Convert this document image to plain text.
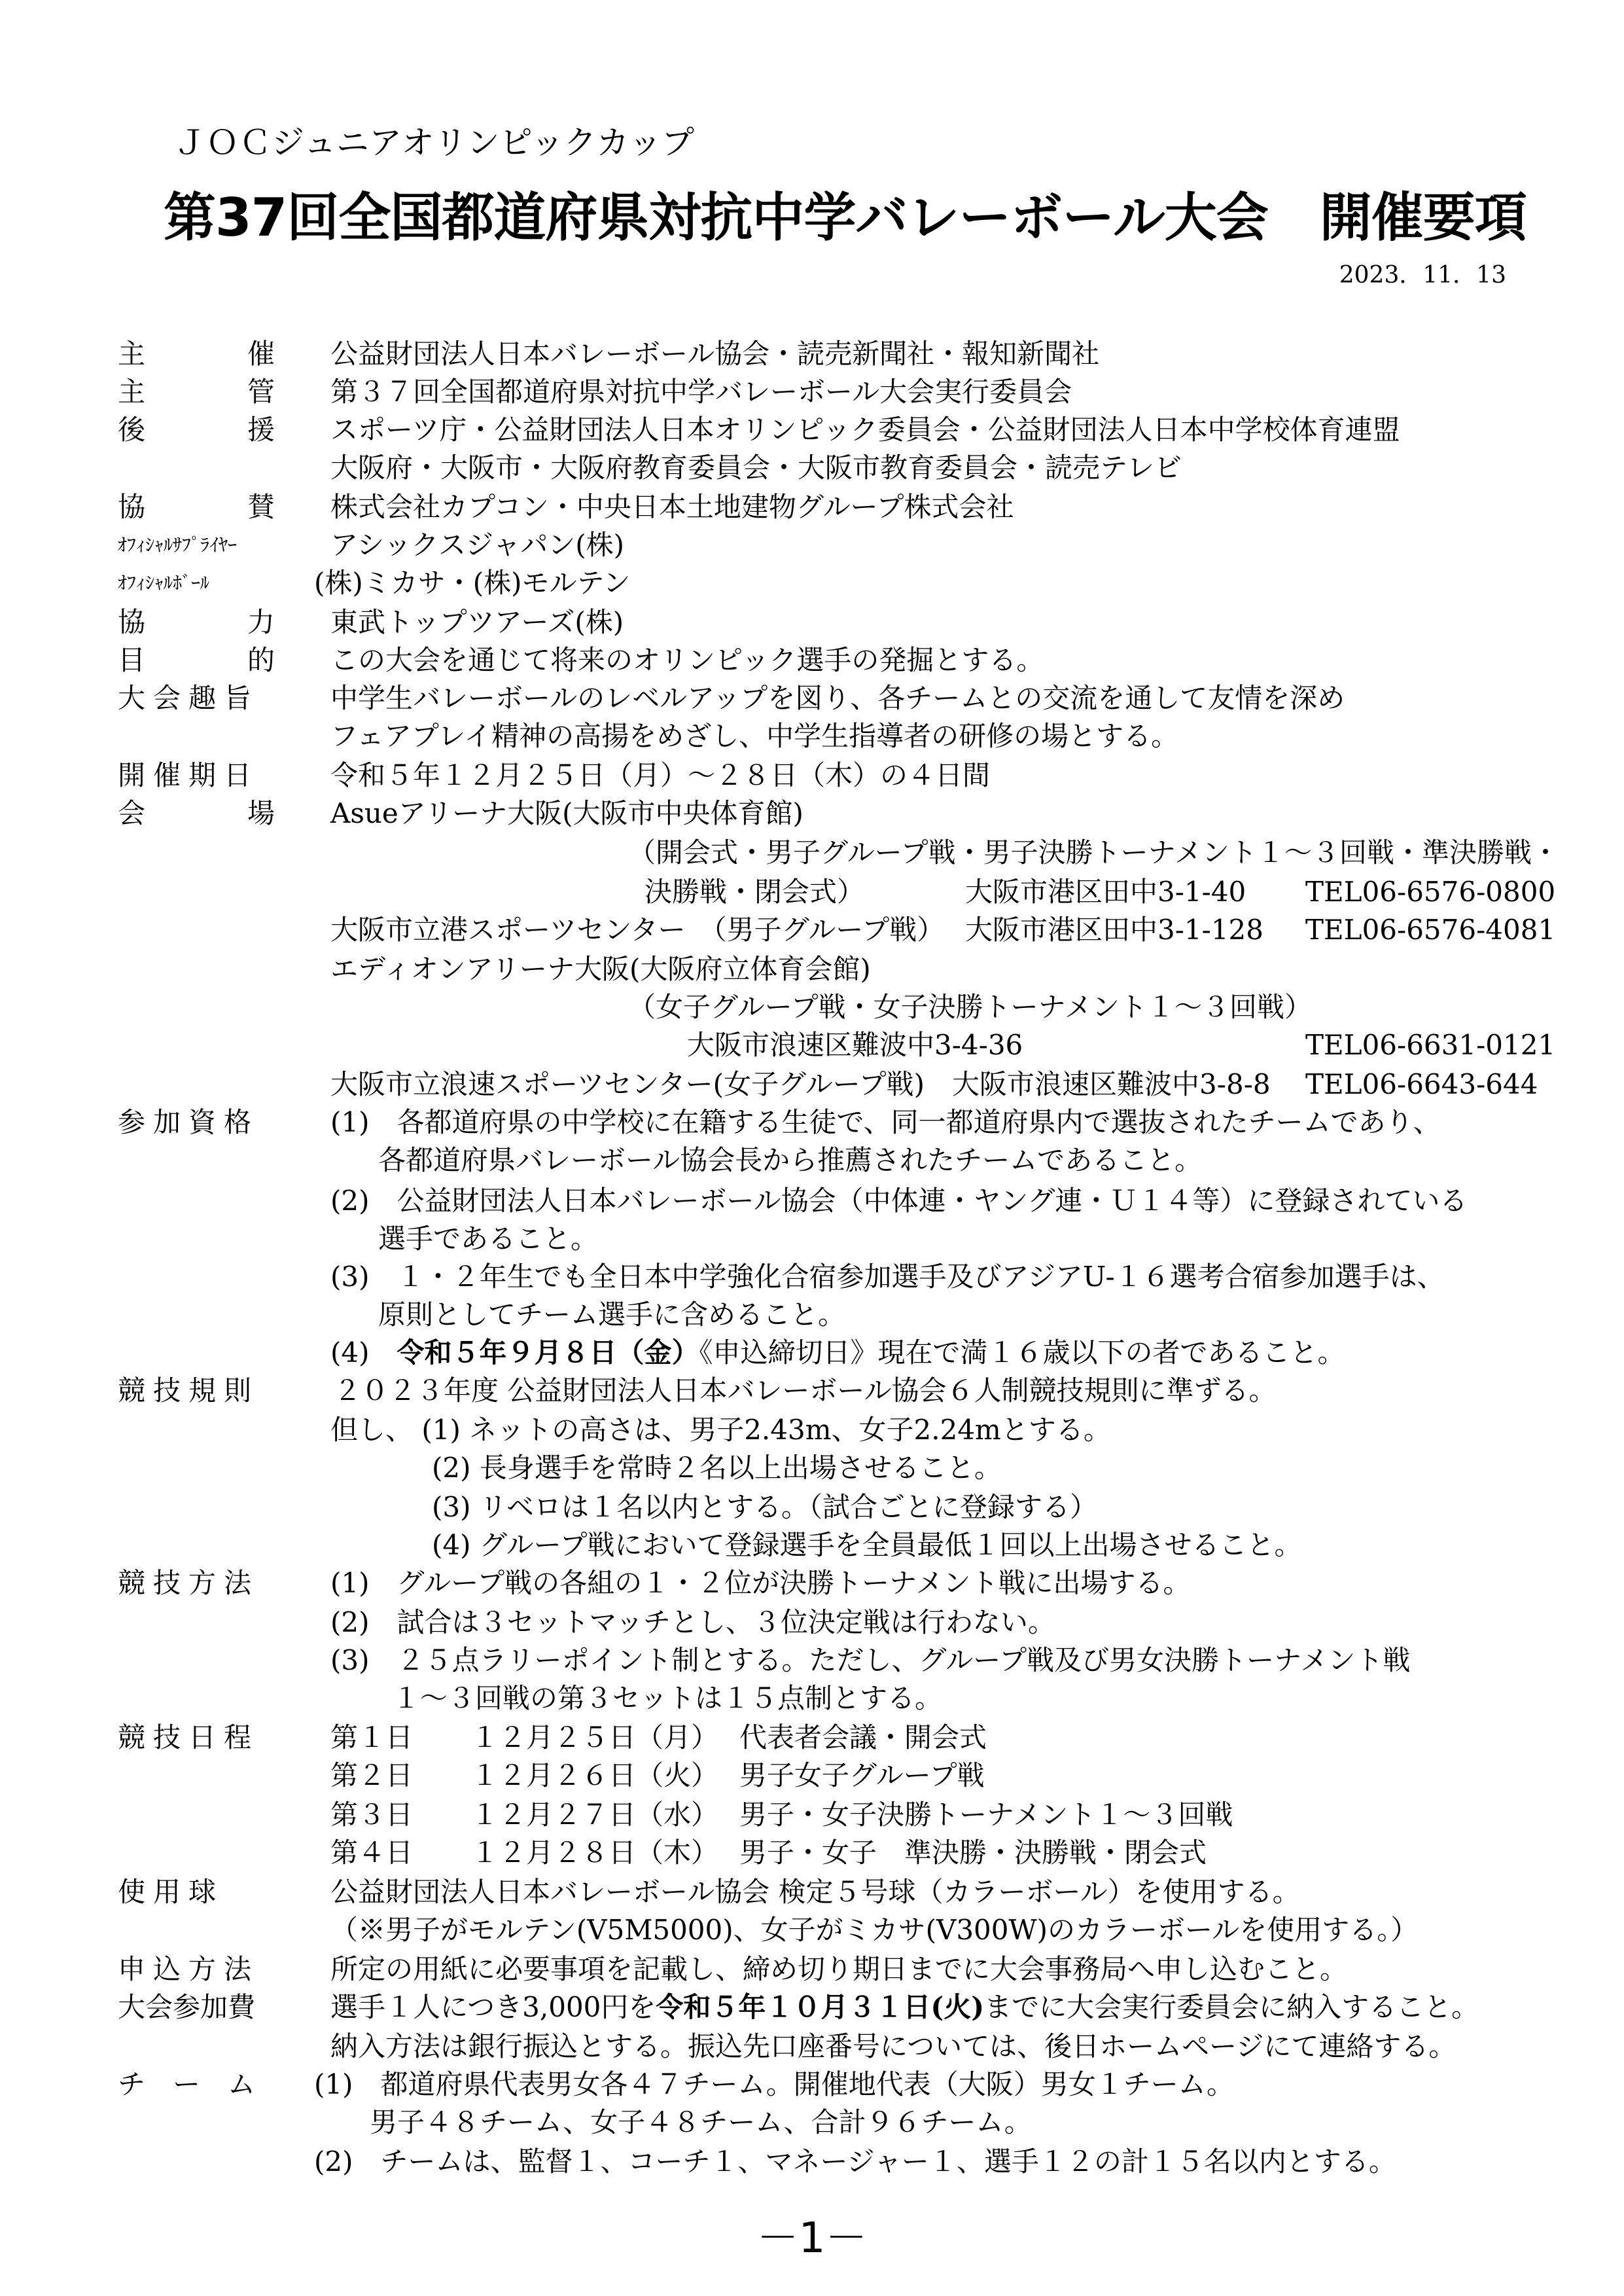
ＪＯＣジュニアオリンピックカップ
第37回全国都道府県対抗中学バレーボール大会　開催要項
2023．11．13
主	催 公益財団法人日本バレーボール協会・読売新聞社・報知新聞社
主	管 第３７回全国都道府県対抗中学バレーボール大会実行委員会
後	援 スポーツ庁・公益財団法人日本オリンピック委員会・公益財団法人日本中学校体育連盟
大阪府・大阪市・大阪府教育委員会・大阪市教育委員会・読売テレビ
協	賛 株式会社カプコン・中央日本土地建物グループ株式会社
ｵﾌｨｼｬﾙｻﾌﾟﾗｲﾔｰ	アシックスジャパン(株)
ｵﾌｨｼｬﾙﾎﾞｰﾙ	(株)ミカサ・(株)モルテン
協	力 東武トップツアーズ(株)
目	的 この大会を通じて将来のオリンピック選手の発掘とする。
大会趣旨	中学生バレーボールのレベルアップを図り、各チームとの交流を通して友情を深め
フェアプレイ精神の高揚をめざし、中学生指導者の研修の場とする。
開催期日	令和５年１２月２５日（月）～２８日（木）の４日間
会	場 Asueアリーナ大阪(大阪市中央体育館)
（開会式・男子グループ戦・男子決勝トーナメント１～３回戦・準決勝戦・
決勝戦・閉会式）	大阪市港区田中3-1-40 TEL06-6576-0800
大阪市立港スポーツセンター　（男子グループ戦） 大阪市港区田中3-1-128 TEL06-6576-4081
エディオンアリーナ大阪(大阪府立体育会館)
（女子グループ戦・女子決勝トーナメント１～３回戦）
大阪市浪速区難波中3-4-36	TEL06-6631-0121
大阪市立浪速スポーツセンター(女子グループ戦)　大阪市浪速区難波中3-8-8 TEL06-6643-644
参加資格	(1)　各都道府県の中学校に在籍する生徒で、同一都道府県内で選抜されたチームであり、
各都道府県バレーボール協会長から推薦されたチームであること。
(2)　公益財団法人日本バレーボール協会（中体連・ヤング連・Ｕ１４等）に登録されている
選手であること。
(3)　１・２年生でも全日本中学強化合宿参加選手及びアジアU-１６選考合宿参加選手は、
原則としてチーム選手に含めること。
(4)　令和５年９月８日（金）《申込締切日》現在で満１６歳以下の者であること。
競技規則	２０２３年度 公益財団法人日本バレーボール協会６人制競技規則に準ずる。
但し、 (1) ネットの高さは、男子2.43m、女子2.24mとする。
(2) 長身選手を常時２名以上出場させること。
(3) リベロは１名以内とする。（試合ごとに登録する）
(4) グループ戦において登録選手を全員最低１回以上出場させること。
競技方法	(1)　グループ戦の各組の１・２位が決勝トーナメント戦に出場する。
(2)　試合は３セットマッチとし、３位決定戦は行わない。
(3)　２５点ラリーポイント制とする。ただし、グループ戦及び男女決勝トーナメント戦
１～３回戦の第３セットは１５点制とする。
競技日程	第１日 １２月２５日（月） 代表者会議・開会式
第２日 １２月２６日（火） 男子女子グループ戦
第３日 １２月２７日（水） 男子・女子決勝トーナメント１～３回戦
第４日 １２月２８日（木） 男子・女子　準決勝・決勝戦・閉会式
使用球	公益財団法人日本バレーボール協会 検定５号球（カラーボール）を使用する。
（※男子がモルテン(V5M5000)、女子がミカサ(V300W)のカラーボールを使用する。）
申込方法	所定の用紙に必要事項を記載し、締め切り期日までに大会事務局へ申し込むこと。
大会参加費	選手１人につき3,000円を令和５年１０月３１日(火)までに大会実行委員会に納入すること。
納入方法は銀行振込とする。振込先口座番号については、後日ホームページにて連絡する。
チ　ー　ム	(1)　都道府県代表男女各４７チーム。開催地代表（大阪）男女１チーム。
男子４８チーム、女子４８チーム、合計９６チーム。
(2)　チームは、監督１、コーチ１、マネージャー１、選手１２の計１５名以内とする。
－1－
